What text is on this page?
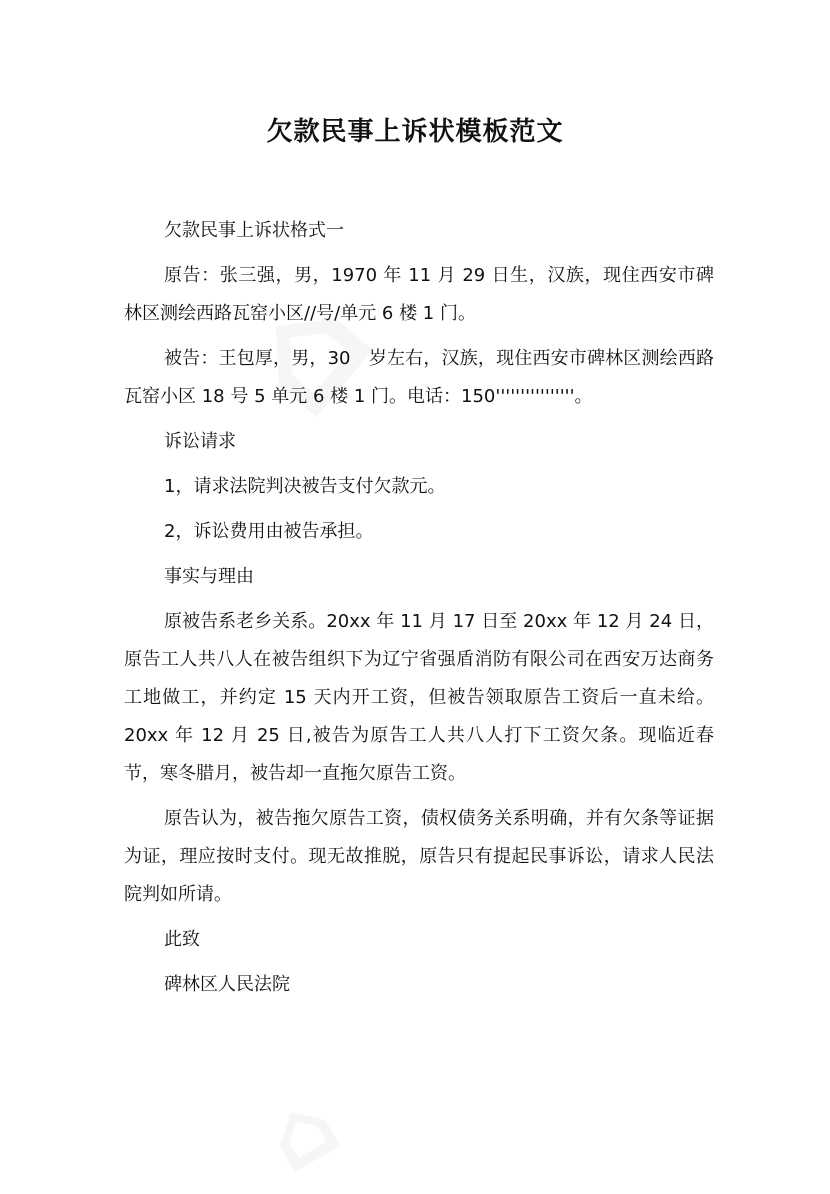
欠款民事上诉状模板范文

欠款民事上诉状格式一

原告：张三强，男，1970 年 11 月 29 日生，汉族，现住西安市碑林区测绘西路瓦窑小区//号/单元 6 楼 1 门。

被告：王包厚，男，30　岁左右，汉族，现住西安市碑林区测绘西路瓦窑小区 18 号 5 单元 6 楼 1 门。电话：150''''''''''''''''。

诉讼请求

1，请求法院判决被告支付欠款元。

2，诉讼费用由被告承担。

事实与理由

原被告系老乡关系。20xx 年 11 月 17 日至 20xx 年 12 月 24 日，原告工人共八人在被告组织下为辽宁省强盾消防有限公司在西安万达商务工地做工，并约定 15 天内开工资，但被告领取原告工资后一直未给。20xx 年 12 月 25 日,被告为原告工人共八人打下工资欠条。现临近春节，寒冬腊月，被告却一直拖欠原告工资。

原告认为，被告拖欠原告工资，债权债务关系明确，并有欠条等证据为证，理应按时支付。现无故推脱，原告只有提起民事诉讼，请求人民法院判如所请。

此致

碑林区人民法院
